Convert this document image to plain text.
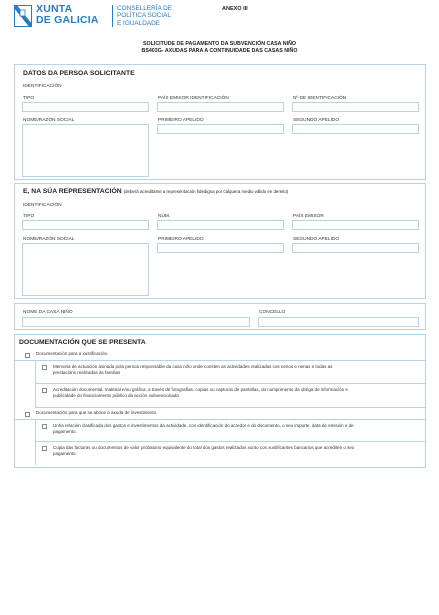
XUNTA
DE GALICIA
CONSELLERÍA DE
POLÍTICA SOCIAL
E IGUALDADE
ANEXO III
SOLICITUDE DE PAGAMENTO DA SUBVENCIÓN CASA NIÑO
BS403G- AXUDAS PARA A CONTINUIDADE DAS CASAS NIÑO
DATOS DA PERSOA SOLICITANTE
IDENTIFICACIÓN
TIPO	PAÍS EMISOR IDENTIFICACIÓN	Nº DE IDENTIFICACIÓN
NOME/RAZÓN SOCIAL	PRIMEIRO APELIDO	SEGUNDO APELIDO
E, NA SÚA REPRESENTACIÓN (deberá acreditarse a representación fidedigna por calquera medio válido en dereito)
IDENTIFICACIÓN
TIPO	NÚM.	PAÍS EMISOR
NOME/RAZÓN SOCIAL	PRIMEIRO APELIDO	SEGUNDO APELIDO
NOME DA CASA NIÑO	CONCELLO
DOCUMENTACIÓN QUE SE PRESENTA
Documentación para a xustificación.
Memoria de actuación asinada pola persoa responsable da casa niño onde consten as actividades realizadas cos nenos e nenas e todas as
prestacións realizadas às familias
Acreditación documental, material e/ou gráfica, a través de fotografías, copias ou capturas de pantallas, do cumprimento da obriga de información e
publicidade do financiamento público da acción subvencionada
Documentación para que se abone a axuda de investimento.
Unha relación clasificada dos gastos e investimentos da actividade, con identificación do acredor e do documento, o seu importe, data de emisión e de
pagamento.
Copia das facturas ou documentos de valor probatorio equivalente do total dos gastos realizados xunto cos xustificantes bancarios que acrediten o seu
pagamento.
